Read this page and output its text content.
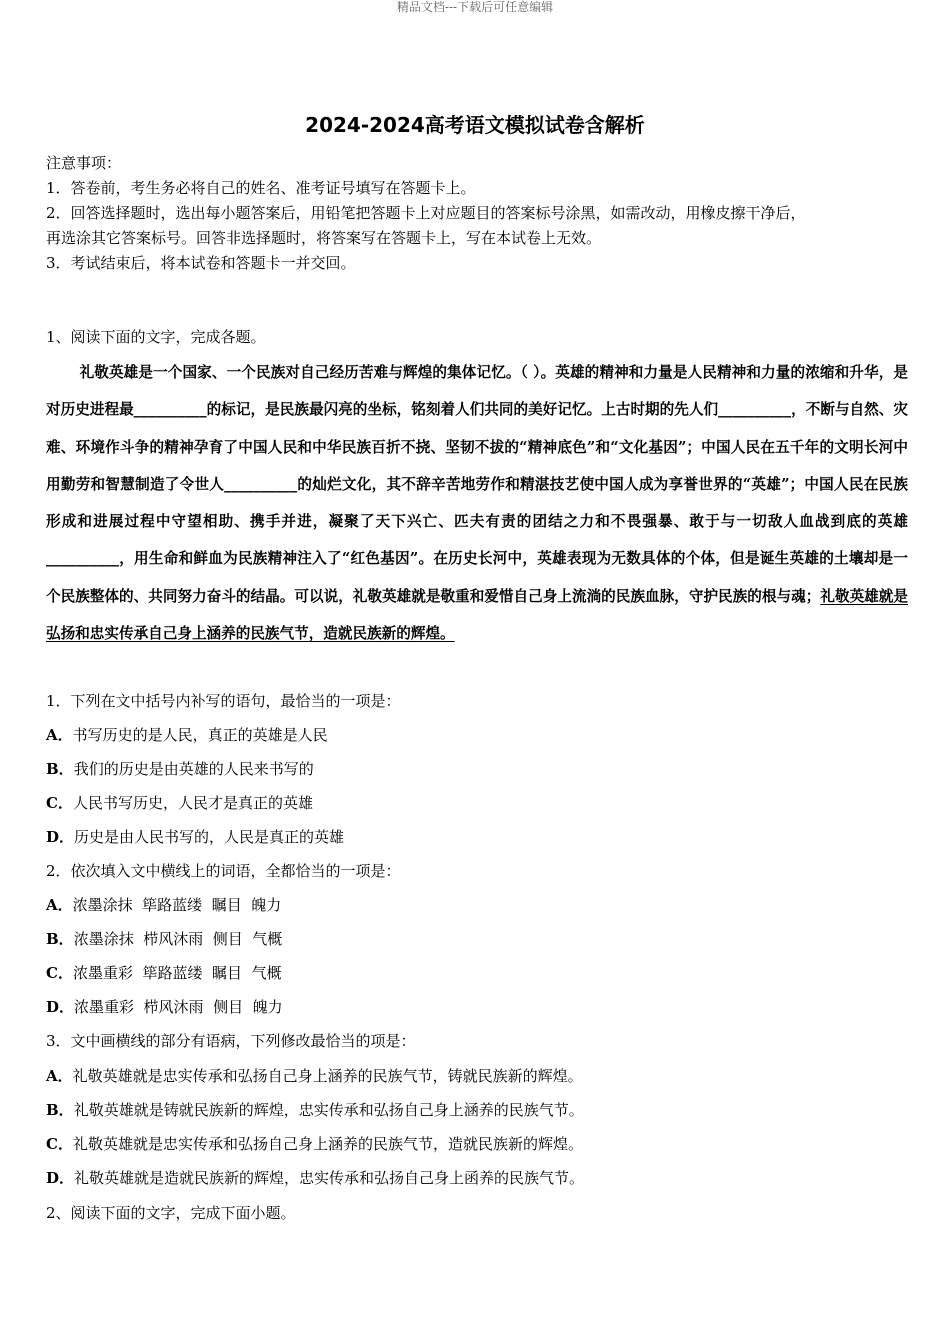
精品文档---下载后可任意编辑
2024-2024高考语文模拟试卷含解析
注意事项：
1．答卷前，考生务必将自己的姓名、准考证号填写在答题卡上。
2．回答选择题时，选出每小题答案后，用铅笔把答题卡上对应题目的答案标号涂黑，如需改动，用橡皮擦干净后，
再选涂其它答案标号。回答非选择题时，将答案写在答题卡上，写在本试卷上无效。
3．考试结束后，将本试卷和答题卡一并交回。
1、阅读下面的文字，完成各题。
礼敬英雄是一个国家、一个民族对自己经历苦难与辉煌的集体记忆。（ ）。英雄的精神和力量是人民精神和力量的浓缩和升华，是对历史进程最__________的标记，是民族最闪亮的坐标，铭刻着人们共同的美好记忆。上古时期的先人们__________，不断与自然、灾难、环境作斗争的精神孕育了中国人民和中华民族百折不挠、坚韧不拔的“精神底色”和“文化基因”；中国人民在五千年的文明长河中用勤劳和智慧制造了令世人__________的灿烂文化，其不辞辛苦地劳作和精湛技艺使中国人成为享誉世界的“英雄”；中国人民在民族形成和进展过程中守望相助、携手并进，凝聚了天下兴亡、匹夫有责的团结之力和不畏强暴、敢于与一切敌人血战到底的英雄__________，用生命和鲜血为民族精神注入了“红色基因”。在历史长河中，英雄表现为无数具体的个体，但是诞生英雄的土壤却是一个民族整体的、共同努力奋斗的结晶。可以说，礼敬英雄就是敬重和爱惜自己身上流淌的民族血脉，守护民族的根与魂；礼敬英雄就是弘扬和忠实传承自己身上涵养的民族气节，造就民族新的辉煌。
1．下列在文中括号内补写的语句，最恰当的一项是：
A．书写历史的是人民，真正的英雄是人民
B．我们的历史是由英雄的人民来书写的
C．人民书写历史，人民才是真正的英雄
D．历史是由人民书写的，人民是真正的英雄
2．依次填入文中横线上的词语，全都恰当的一项是：
A．浓墨涂抹  筚路蓝缕  瞩目  魄力
B．浓墨涂抹  栉风沐雨  侧目  气概
C．浓墨重彩  筚路蓝缕  瞩目  气概
D．浓墨重彩  栉风沐雨  侧目  魄力
3．文中画横线的部分有语病，下列修改最恰当的项是：
A．礼敬英雄就是忠实传承和弘扬自己身上涵养的民族气节，铸就民族新的辉煌。
B．礼敬英雄就是铸就民族新的辉煌，忠实传承和弘扬自己身上涵养的民族气节。
C．礼敬英雄就是忠实传承和弘扬自己身上涵养的民族气节，造就民族新的辉煌。
D．礼敬英雄就是造就民族新的辉煌，忠实传承和弘扬自己身上函养的民族气节。
2、阅读下面的文字，完成下面小题。
